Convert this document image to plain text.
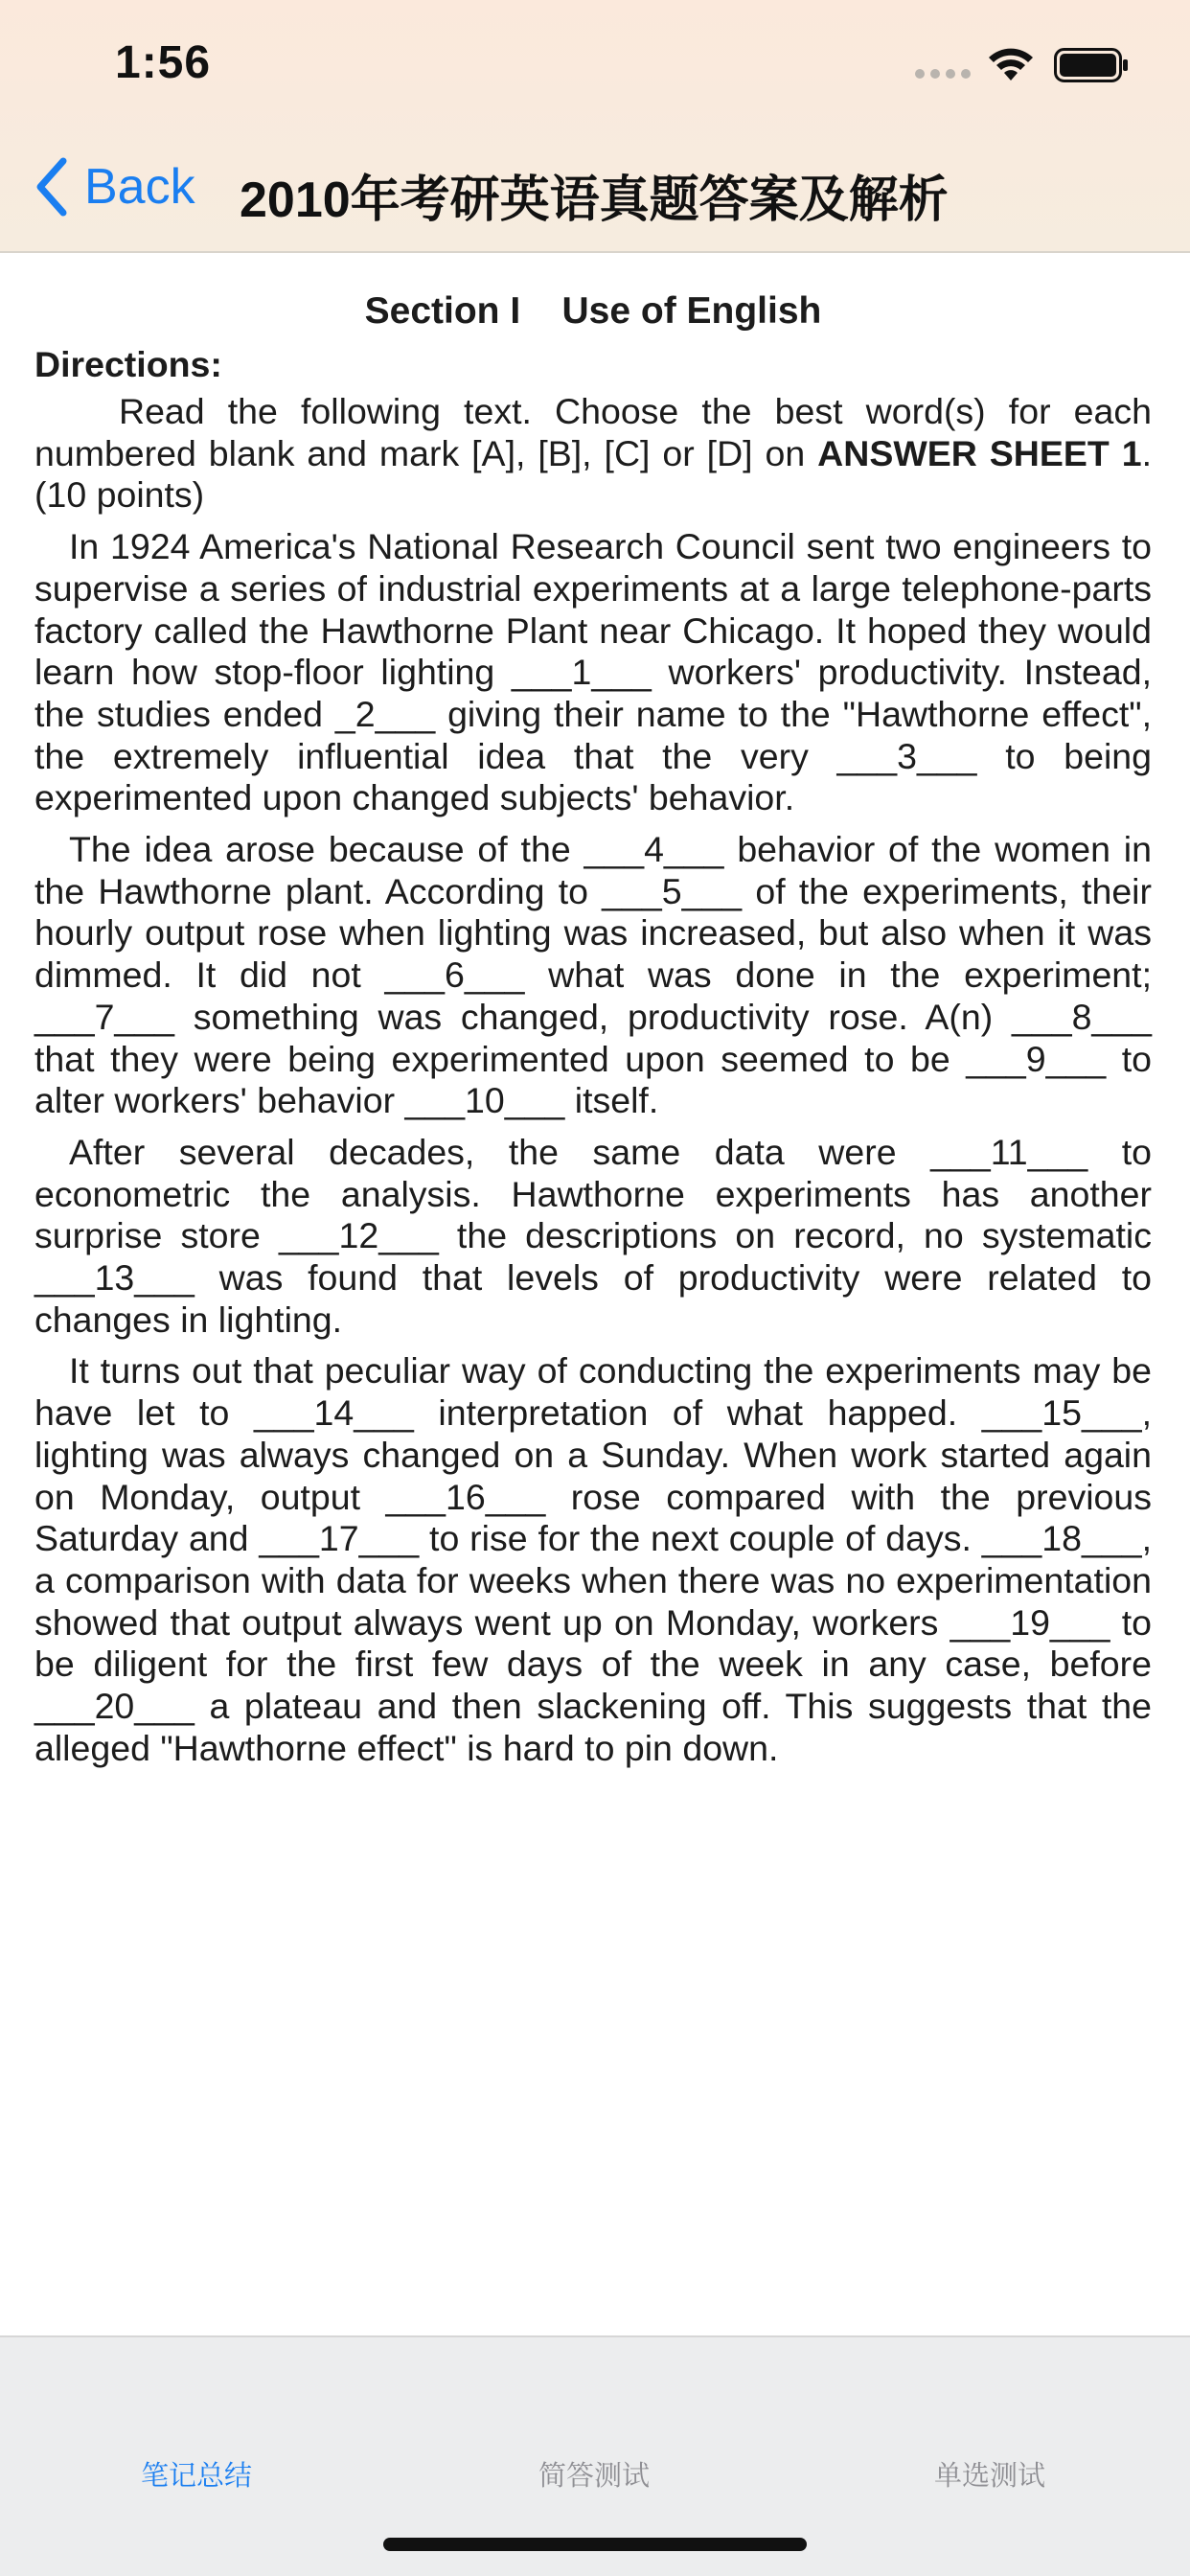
1:56
Back 2010年考研英语真题答案及解析
Section I    Use of English
Directions:

Read the following text. Choose the best word(s) for each numbered blank and mark [A], [B], [C] or [D] on ANSWER SHEET 1. (10 points)

In 1924 America's National Research Council sent two engineers to supervise a series of industrial experiments at a large telephone-parts factory called the Hawthorne Plant near Chicago. It hoped they would learn how stop-floor lighting ___1___ workers' productivity. Instead, the studies ended _2___ giving their name to the "Hawthorne effect", the extremely influential idea that the very ___3___ to being experimented upon changed subjects' behavior.

The idea arose because of the ___4___ behavior of the women in the Hawthorne plant. According to ___5___ of the experiments, their hourly output rose when lighting was increased, but also when it was dimmed. It did not ___6___ what was done in the experiment; ___7___ something was changed, productivity rose. A(n) ___8___ that they were being experimented upon seemed to be ___9___ to alter workers' behavior ___10___ itself.

After several decades, the same data were ___11___ to econometric the analysis. Hawthorne experiments has another surprise store ___12___ the descriptions on record, no systematic ___13___ was found that levels of productivity were related to changes in lighting.

It turns out that peculiar way of conducting the experiments may be have let to ___14___ interpretation of what happed. ___15___, lighting was always changed on a Sunday. When work started again on Monday, output ___16___ rose compared with the previous Saturday and ___17___ to rise for the next couple of days. ___18___, a comparison with data for weeks when there was no experimentation showed that output always went up on Monday, workers ___19___ to be diligent for the first few days of the week in any case, before ___20___ a plateau and then slackening off. This suggests that the alleged "Hawthorne effect" is hard to pin down.

笔记总结	简答测试	单选测试
